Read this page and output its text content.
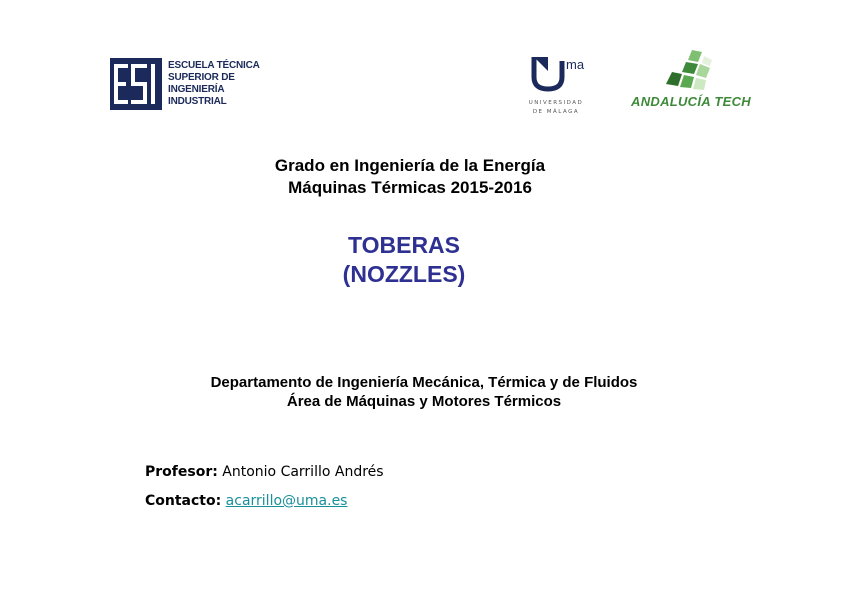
ESCUELA TÉCNICA
SUPERIOR DE
INGENIERÍA
INDUSTRIAL
ma
UNIVERSIDAD
DE MÁLAGA
ANDALUCÍA TECH
Grado en Ingeniería de la Energía
Máquinas Térmicas 2015-2016
TOBERAS
(NOZZLES)
Departamento de Ingeniería Mecánica, Térmica y de Fluidos
Área de Máquinas y Motores Térmicos
Profesor: Antonio Carrillo Andrés
Contacto: acarrillo@uma.es
